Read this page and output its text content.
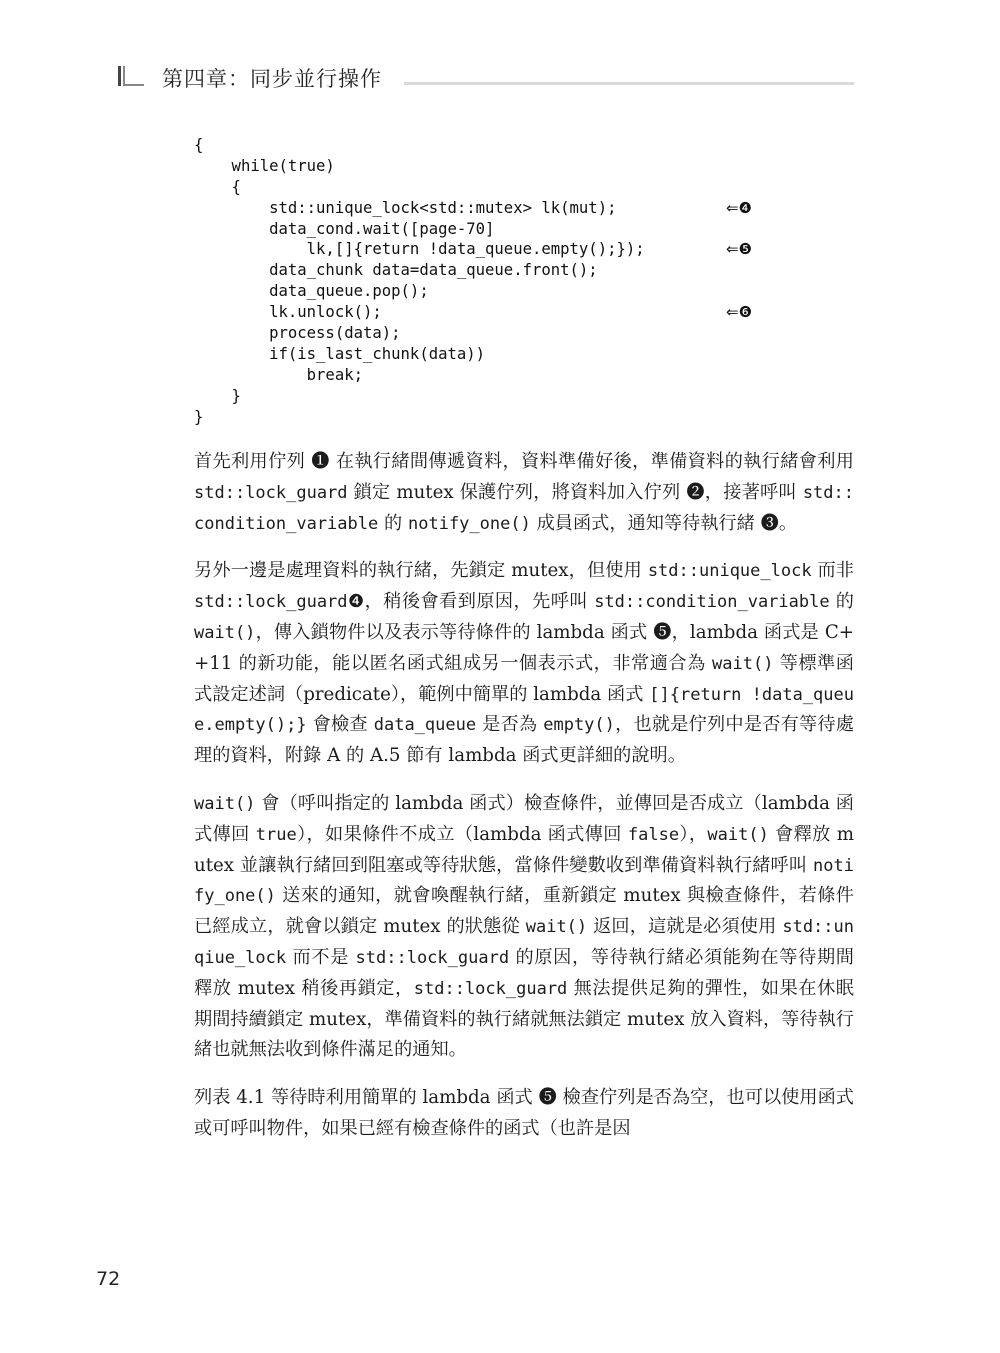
第四章：同步並行操作
{
while(true)
{
std::unique_lock<std::mutex> lk(mut);	⇐❹
data_cond.wait([page-70]
lk,[]{return !data_queue.empty();});	⇐❺
data_chunk data=data_queue.front();
data_queue.pop();
lk.unlock();	⇐❻
process(data);
if(is_last_chunk(data))
break;
}
}

首先利用佇列 ❶ 在執行緒間傳遞資料，資料準備好後，準備資料的執行緒會利用 std::lock_guard 鎖定 mutex 保護佇列，將資料加入佇列 ❷，接著呼叫 std::condition_variable 的 notify_one() 成員函式，通知等待執行緒 ❸。

另外一邊是處理資料的執行緒，先鎖定 mutex，但使用 std::unique_lock 而非 std::lock_guard❹，稍後會看到原因，先呼叫 std::condition_variable 的 wait()，傳入鎖物件以及表示等待條件的 lambda 函式 ❺，lambda 函式是 C++11 的新功能，能以匿名函式組成另一個表示式，非常適合為 wait() 等標準函式設定述詞（predicate），範例中簡單的 lambda 函式 []{return !data_queue.empty();} 會檢查 data_queue 是否為 empty()，也就是佇列中是否有等待處理的資料，附錄 A 的 A.5 節有 lambda 函式更詳細的說明。

wait() 會（呼叫指定的 lambda 函式）檢查條件，並傳回是否成立（lambda 函式傳回 true），如果條件不成立（lambda 函式傳回 false），wait() 會釋放 mutex 並讓執行緒回到阻塞或等待狀態，當條件變數收到準備資料執行緒呼叫 notify_one() 送來的通知，就會喚醒執行緒，重新鎖定 mutex 與檢查條件，若條件已經成立，就會以鎖定 mutex 的狀態從 wait() 返回，這就是必須使用 std::unqiue_lock 而不是 std::lock_guard 的原因，等待執行緒必須能夠在等待期間釋放 mutex 稍後再鎖定，std::lock_guard 無法提供足夠的彈性，如果在休眠期間持續鎖定 mutex，準備資料的執行緒就無法鎖定 mutex 放入資料，等待執行緒也就無法收到條件滿足的通知。

列表 4.1 等待時利用簡單的 lambda 函式 ❺ 檢查佇列是否為空，也可以使用函式或可呼叫物件，如果已經有檢查條件的函式（也許是因

72
